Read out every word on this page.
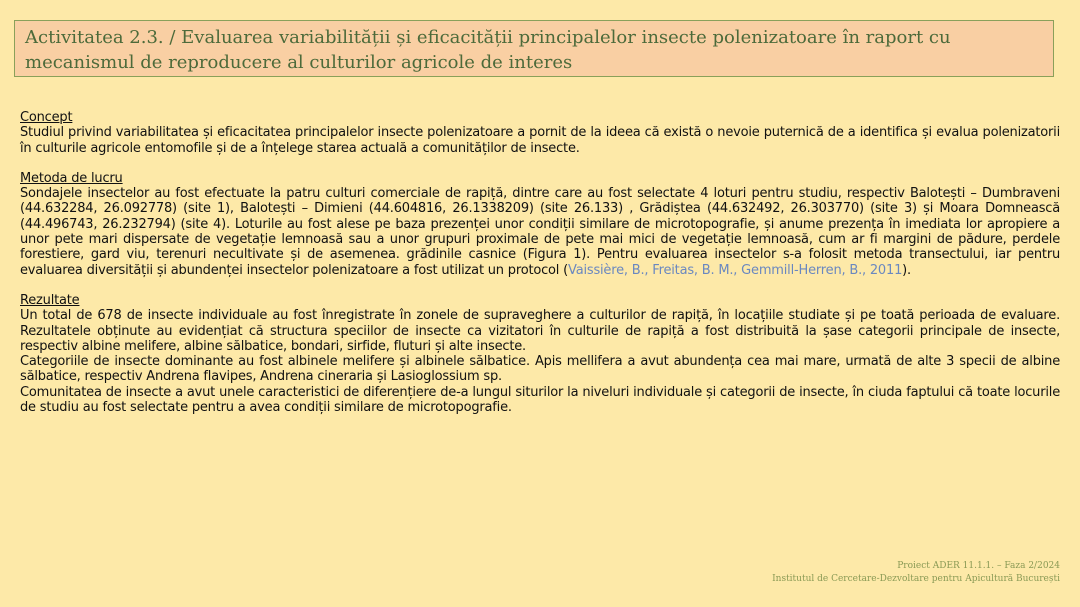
Activitatea 2.3. / Evaluarea variabilității și eficacității principalelor insecte polenizatoare în raport cu mecanismul de reproducere al culturilor agricole de interes
Concept

Studiul privind variabilitatea și eficacitatea principalelor insecte polenizatoare a pornit de la ideea că există o nevoie puternică de a identifica și evalua polenizatorii în culturile agricole entomofile și de a înțelege starea actuală a comunităților de insecte.

Metoda de lucru

Sondajele insectelor au fost efectuate la patru culturi comerciale de rapiță, dintre care au fost selectate 4 loturi pentru studiu, respectiv Balotești – Dumbraveni (44.632284, 26.092778) (site 1), Balotești – Dimieni (44.604816, 26.1338209) (site 26.133) , Grădiștea (44.632492, 26.303770) (site 3) și Moara Domnească (44.496743, 26.232794) (site 4). Loturile au fost alese pe baza prezenței unor condiții similare de microtopografie, și anume prezența în imediata lor apropiere a unor pete mari dispersate de vegetație lemnoasă sau a unor grupuri proximale de pete mai mici de vegetație lemnoasă, cum ar fi margini de pădure, perdele forestiere, gard viu, terenuri necultivate și de asemenea. grădinile casnice (Figura 1). Pentru evaluarea insectelor s-a folosit metoda transectului, iar pentru evaluarea diversității și abundenței insectelor polenizatoare a fost utilizat un protocol (Vaissière, B., Freitas, B. M., Gemmill-Herren, B., 2011).

Rezultate

Un total de 678 de insecte individuale au fost înregistrate în zonele de supraveghere a culturilor de rapiță, în locațiile studiate și pe toată perioada de evaluare. Rezultatele obținute au evidențiat că structura speciilor de insecte ca vizitatori în culturile de rapiță a fost distribuită la șase categorii principale de insecte, respectiv albine melifere, albine sălbatice, bondari, sirfide, fluturi și alte insecte.

Categoriile de insecte dominante au fost albinele melifere și albinele sălbatice. Apis mellifera a avut abundența cea mai mare, urmată de alte 3 specii de albine sălbatice, respectiv Andrena flavipes, Andrena cineraria și Lasioglossium sp.

Comunitatea de insecte a avut unele caracteristici de diferențiere de-a lungul siturilor la niveluri individuale și categorii de insecte, în ciuda faptului că toate locurile de studiu au fost selectate pentru a avea condiții similare de microtopografie.

Proiect ADER 11.1.1. – Faza 2/2024
Institutul de Cercetare-Dezvoltare pentru Apicultură București
